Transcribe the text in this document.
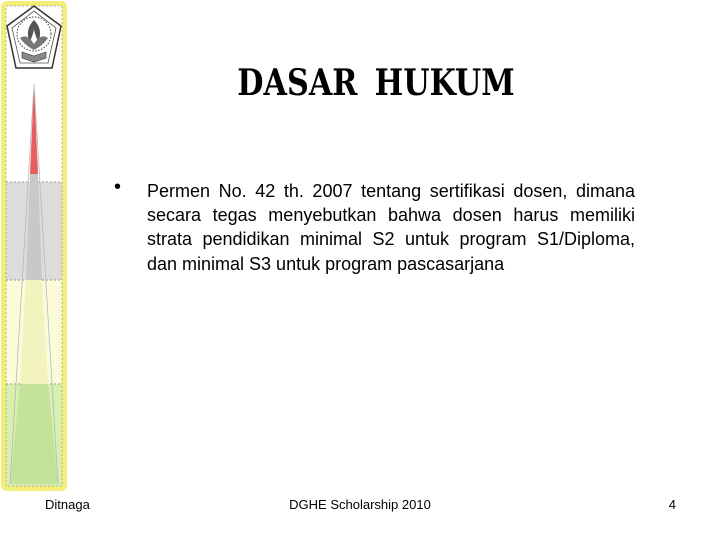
DASAR HUKUM
• Permen No. 42 th. 2007 tentang sertifikasi dosen, dimana secara tegas menyebutkan bahwa dosen harus memiliki strata pendidikan minimal S2 untuk program S1/Diploma, dan minimal S3 untuk program pascasarjana
Ditnaga	DGHE Scholarship 2010	4
